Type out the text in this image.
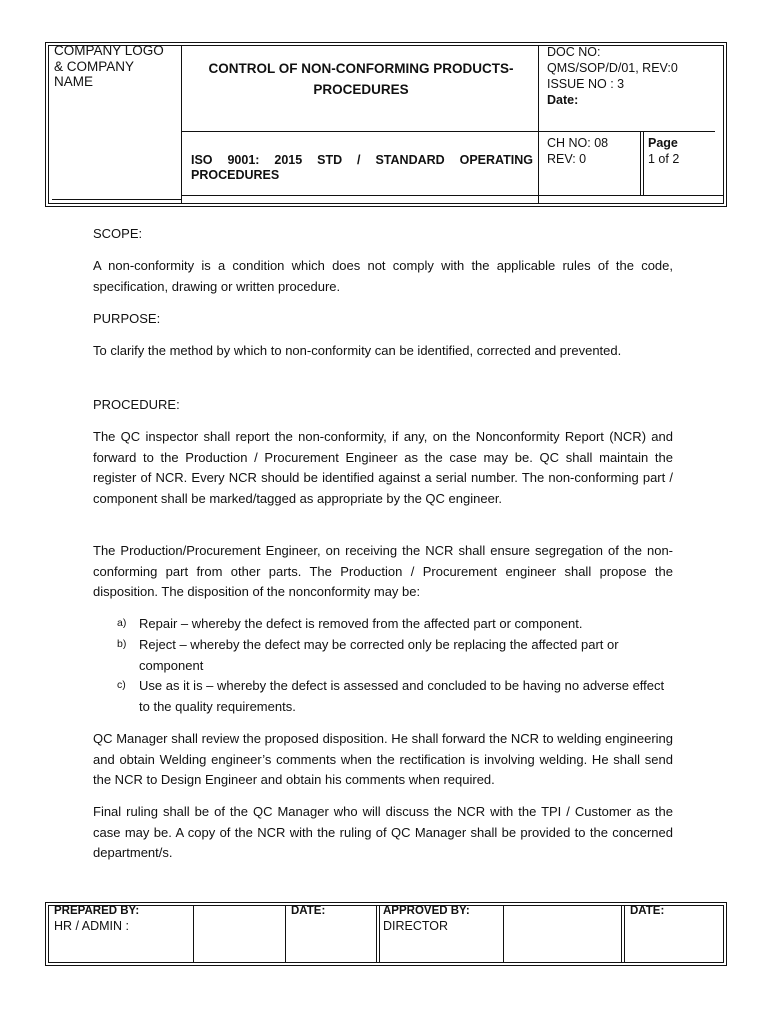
COMPANY LOGO & COMPANY NAME
CONTROL OF NON-CONFORMING PRODUCTS-PROCEDURES
DOC NO:
QMS/SOP/D/01, REV:0
ISSUE NO : 3
Date:
ISO 9001: 2015 STD / STANDARD OPERATING PROCEDURES
CH NO: 08
REV: 0
Page
1 of 2
SCOPE:
A non-conformity is a condition which does not comply with the applicable rules of the code, specification, drawing or written procedure.
PURPOSE:
To clarify the method by which to non-conformity can be identified, corrected and prevented.
PROCEDURE:
The QC inspector shall report the non-conformity, if any, on the Nonconformity Report (NCR) and forward to the Production / Procurement Engineer as the case may be. QC shall maintain the register of NCR. Every NCR should be identified against a serial number. The non-conforming part / component shall be marked/tagged as appropriate by the QC engineer.
The Production/Procurement Engineer, on receiving the NCR shall ensure segregation of the non-conforming part from other parts. The Production / Procurement engineer shall propose the disposition. The disposition of the nonconformity may be:
a) Repair – whereby the defect is removed from the affected part or component.
b) Reject – whereby the defect may be corrected only be replacing the affected part or component
c) Use as it is – whereby the defect is assessed and concluded to be having no adverse effect to the quality requirements.
QC Manager shall review the proposed disposition. He shall forward the NCR to welding engineering and obtain Welding engineer’s comments when the rectification is involving welding. He shall send the NCR to Design Engineer and obtain his comments when required.
Final ruling shall be of the QC Manager who will discuss the NCR with the TPI / Customer as the case may be. A copy of the NCR with the ruling of QC Manager shall be provided to the concerned department/s.
PREPARED BY:
HR / ADMIN :
DATE:	APPROVED BY:
DIRECTOR
DATE:
